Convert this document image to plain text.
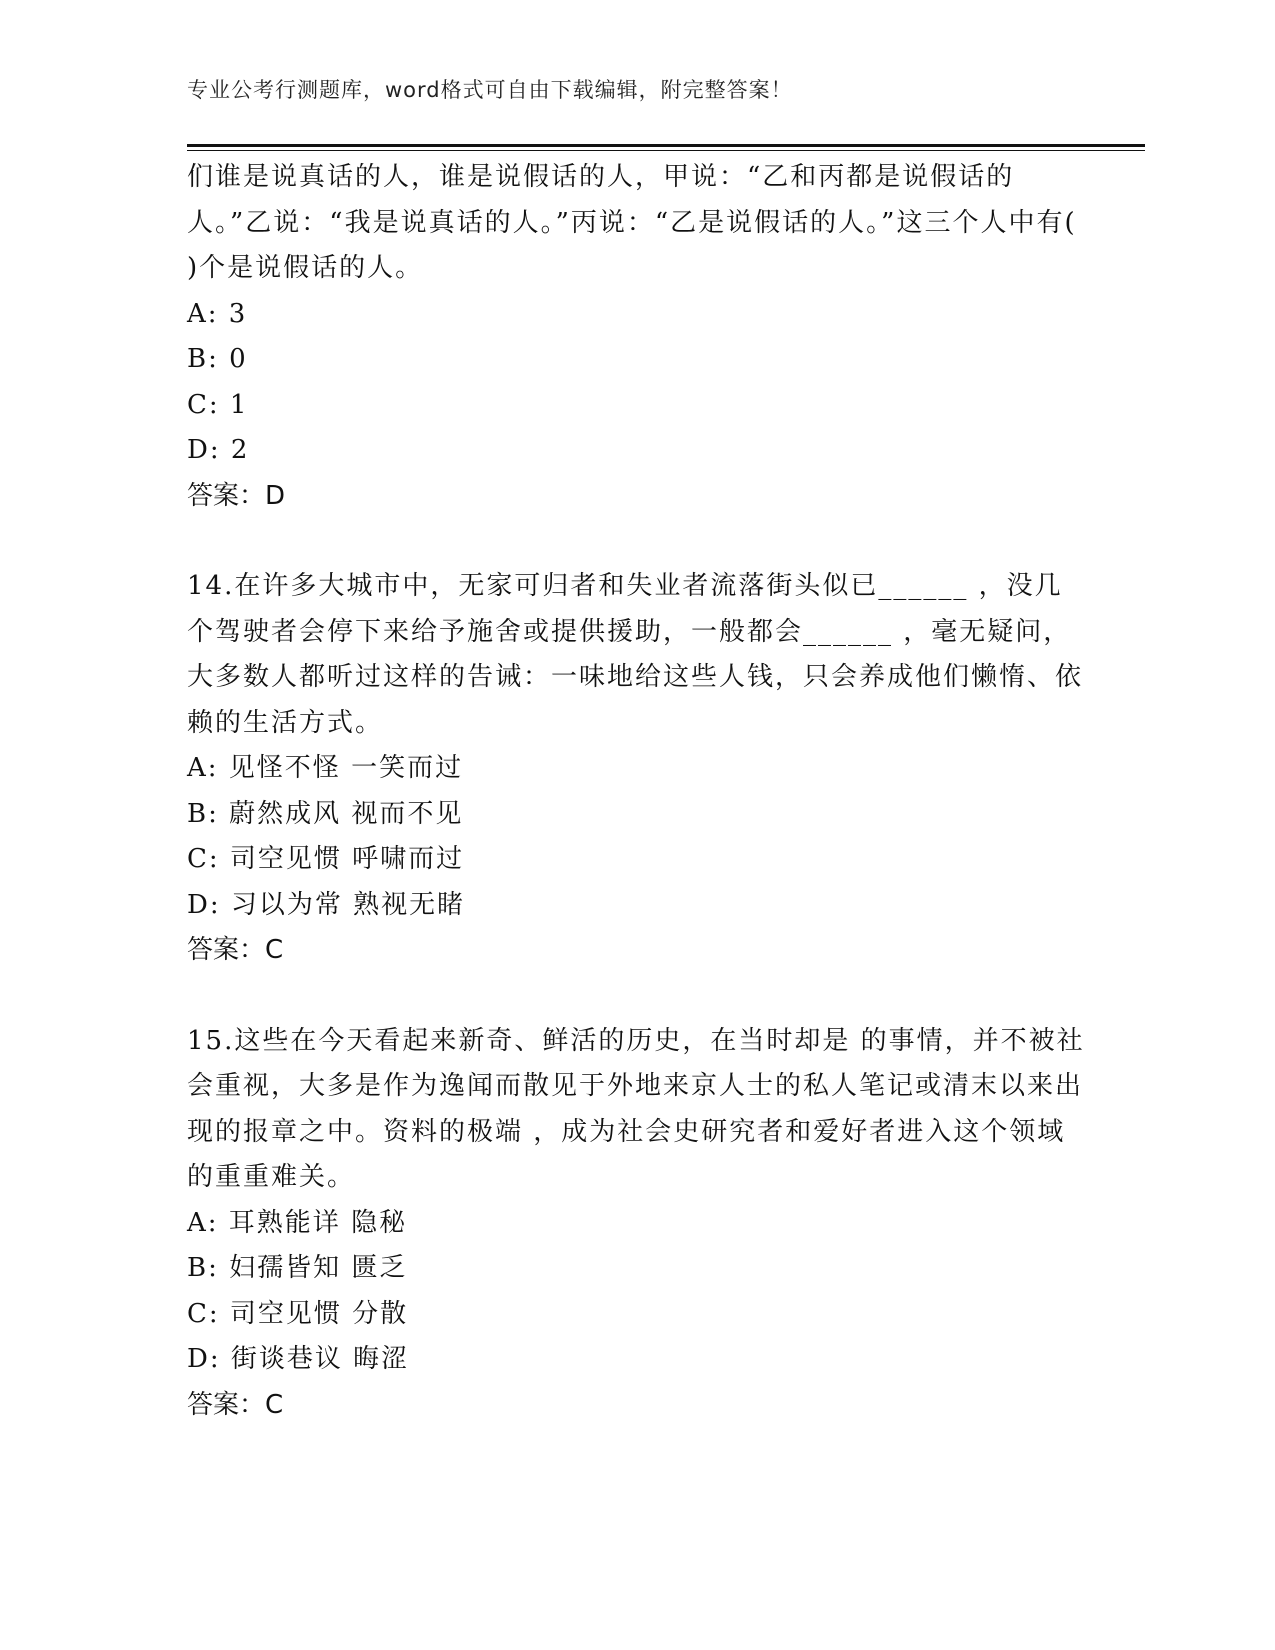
专业公考行测题库，word格式可自由下载编辑，附完整答案！

们谁是说真话的人，谁是说假话的人，甲说：“乙和丙都是说假话的人。”乙说：“我是说真话的人。”丙说：“乙是说假话的人。”这三个人中有( )个是说假话的人。

A: 3

B: 0

C: 1

D: 2

答案：D

14.在许多大城市中，无家可归者和失业者流落街头似已______ ，没几个驾驶者会停下来给予施舍或提供援助，一般都会______ ，毫无疑问，大多数人都听过这样的告诫：一味地给这些人钱，只会养成他们懒惰、依赖的生活方式。

A: 见怪不怪 一笑而过

B: 蔚然成风 视而不见

C: 司空见惯 呼啸而过

D: 习以为常 熟视无睹

答案：C

15.这些在今天看起来新奇、鲜活的历史，在当时却是 的事情，并不被社会重视，大多是作为逸闻而散见于外地来京人士的私人笔记或清末以来出现的报章之中。资料的极端 ，成为社会史研究者和爱好者进入这个领域的重重难关。

A: 耳熟能详 隐秘

B: 妇孺皆知 匮乏

C: 司空见惯 分散

D: 街谈巷议 晦涩

答案：C
